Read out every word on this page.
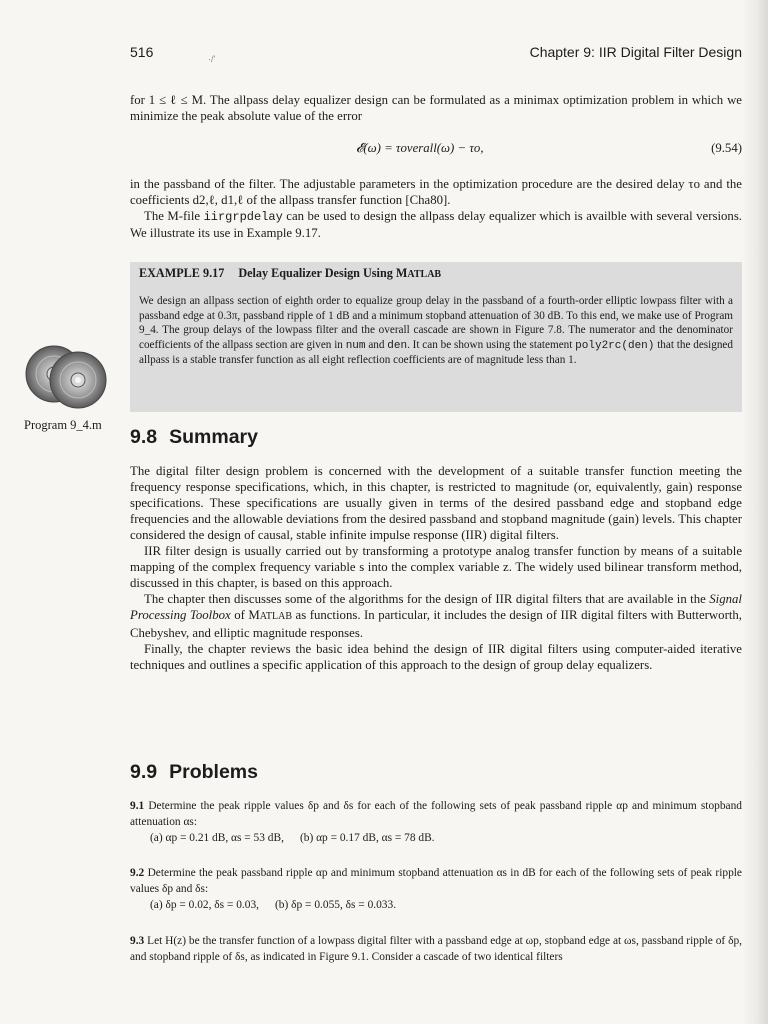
516	Chapter 9: IIR Digital Filter Design
·/'

for 1 ≤ ℓ ≤ M. The allpass delay equalizer design can be formulated as a minimax optimization problem in which we minimize the peak absolute value of the error

𝓔(ω) = τoverall(ω) − τo,	(9.54)

in the passband of the filter. The adjustable parameters in the optimization procedure are the desired delay τo and the coefficients d2,ℓ, d1,ℓ of the allpass transfer function [Cha80].

The M-file iirgrpdelay can be used to design the allpass delay equalizer which is availble with several versions. We illustrate its use in Example 9.17.

EXAMPLE 9.17 Delay Equalizer Design Using MATLAB
We design an allpass section of eighth order to equalize group delay in the passband of a fourth-order elliptic lowpass filter with a passband edge at 0.3π, passband ripple of 1 dB and a minimum stopband attenuation of 30 dB. To this end, we make use of Program 9_4. The group delays of the lowpass filter and the overall cascade are shown in Figure 7.8. The numerator and the denominator coefficients of the allpass section are given in num and den. It can be shown using the statement poly2rc(den) that the designed allpass is a stable transfer function as all eight reflection coefficients are of magnitude less than 1.
Program 9_4.m
9.8 Summary

The digital filter design problem is concerned with the development of a suitable transfer function meeting the frequency response specifications, which, in this chapter, is restricted to magnitude (or, equivalently, gain) response specifications. These specifications are usually given in terms of the desired passband edge and stopband edge frequencies and the allowable deviations from the desired passband and stopband magnitude (gain) levels. This chapter considered the design of causal, stable infinite impulse response (IIR) digital filters.

IIR filter design is usually carried out by transforming a prototype analog transfer function by means of a suitable mapping of the complex frequency variable s into the complex variable z. The widely used bilinear transform method, discussed in this chapter, is based on this approach.

The chapter then discusses some of the algorithms for the design of IIR digital filters that are available in the Signal Processing Toolbox of MATLAB as functions. In particular, it includes the design of IIR digital filters with Butterworth, Chebyshev, and elliptic magnitude responses.

Finally, the chapter reviews the basic idea behind the design of IIR digital filters using computer-aided iterative techniques and outlines a specific application of this approach to the design of group delay equalizers.

9.9 Problems

9.1 Determine the peak ripple values δp and δs for each of the following sets of peak passband ripple αp and minimum stopband attenuation αs:

(a) αp = 0.21 dB, αs = 53 dB, (b) αp = 0.17 dB, αs = 78 dB.

9.2 Determine the peak passband ripple αp and minimum stopband attenuation αs in dB for each of the following sets of peak ripple values δp and δs:

(a) δp = 0.02, δs = 0.03, (b) δp = 0.055, δs = 0.033.

9.3 Let H(z) be the transfer function of a lowpass digital filter with a passband edge at ωp, stopband edge at ωs, passband ripple of δp, and stopband ripple of δs, as indicated in Figure 9.1. Consider a cascade of two identical filters
